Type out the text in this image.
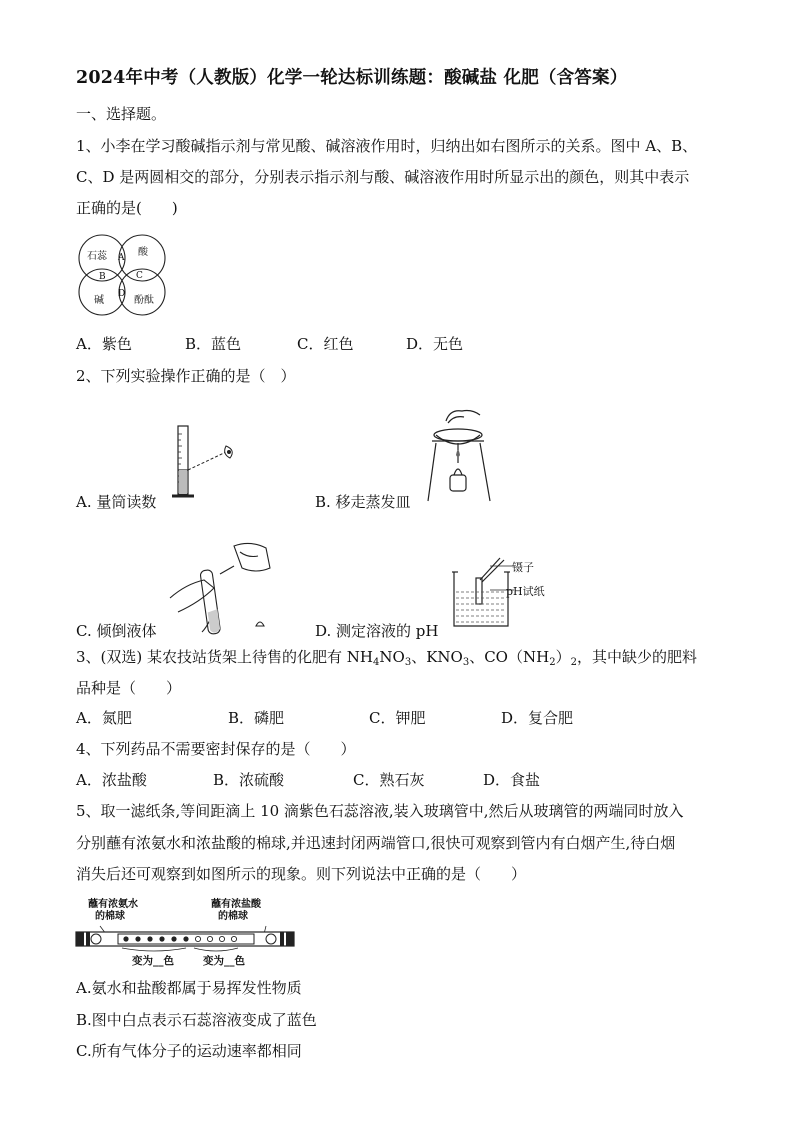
2024年中考（人教版）化学一轮达标训练题：酸碱盐 化肥（含答案）
一、选择题。
1、小李在学习酸碱指示剂与常见酸、碱溶液作用时，归纳出如右图所示的关系。图中 A、B、
C、D 是两圆相交的部分，分别表示指示剂与酸、碱溶液作用时所显示出的颜色，则其中表示
正确的是(　　)
石蕊	酸
碱	酚酞
A
B	C
D
A．紫色	B．蓝色	C．红色	D．无色
2、下列实验操作正确的是（　）
A. 量筒读数	B. 移走蒸发皿
C. 倾倒液体
镊子
pH试纸
D. 测定溶液的 pH
3、(双选) 某农技站货架上待售的化肥有 $NH_4NO_3$、$KNO_3$、$CO(NH_2)_2$，其中缺少的肥料
品种是（　　）
A．氮肥	B．磷肥	C．钾肥	D．复合肥
4、下列药品不需要密封保存的是（　　）
A．浓盐酸	B．浓硫酸	C．熟石灰	D．食盐
5、取一滤纸条,等间距滴上 10 滴紫色石蕊溶液,装入玻璃管中,然后从玻璃管的两端同时放入
分别蘸有浓氨水和浓盐酸的棉球,并迅速封闭两端管口,很快可观察到管内有白烟产生,待白烟
消失后还可观察到如图所示的现象。则下列说法中正确的是（　　）
蘸有浓氨水
的棉球
蘸有浓盐酸
的棉球
变为__色	变为__色
A.氨水和盐酸都属于易挥发性物质
B.图中白点表示石蕊溶液变成了蓝色
C.所有气体分子的运动速率都相同
